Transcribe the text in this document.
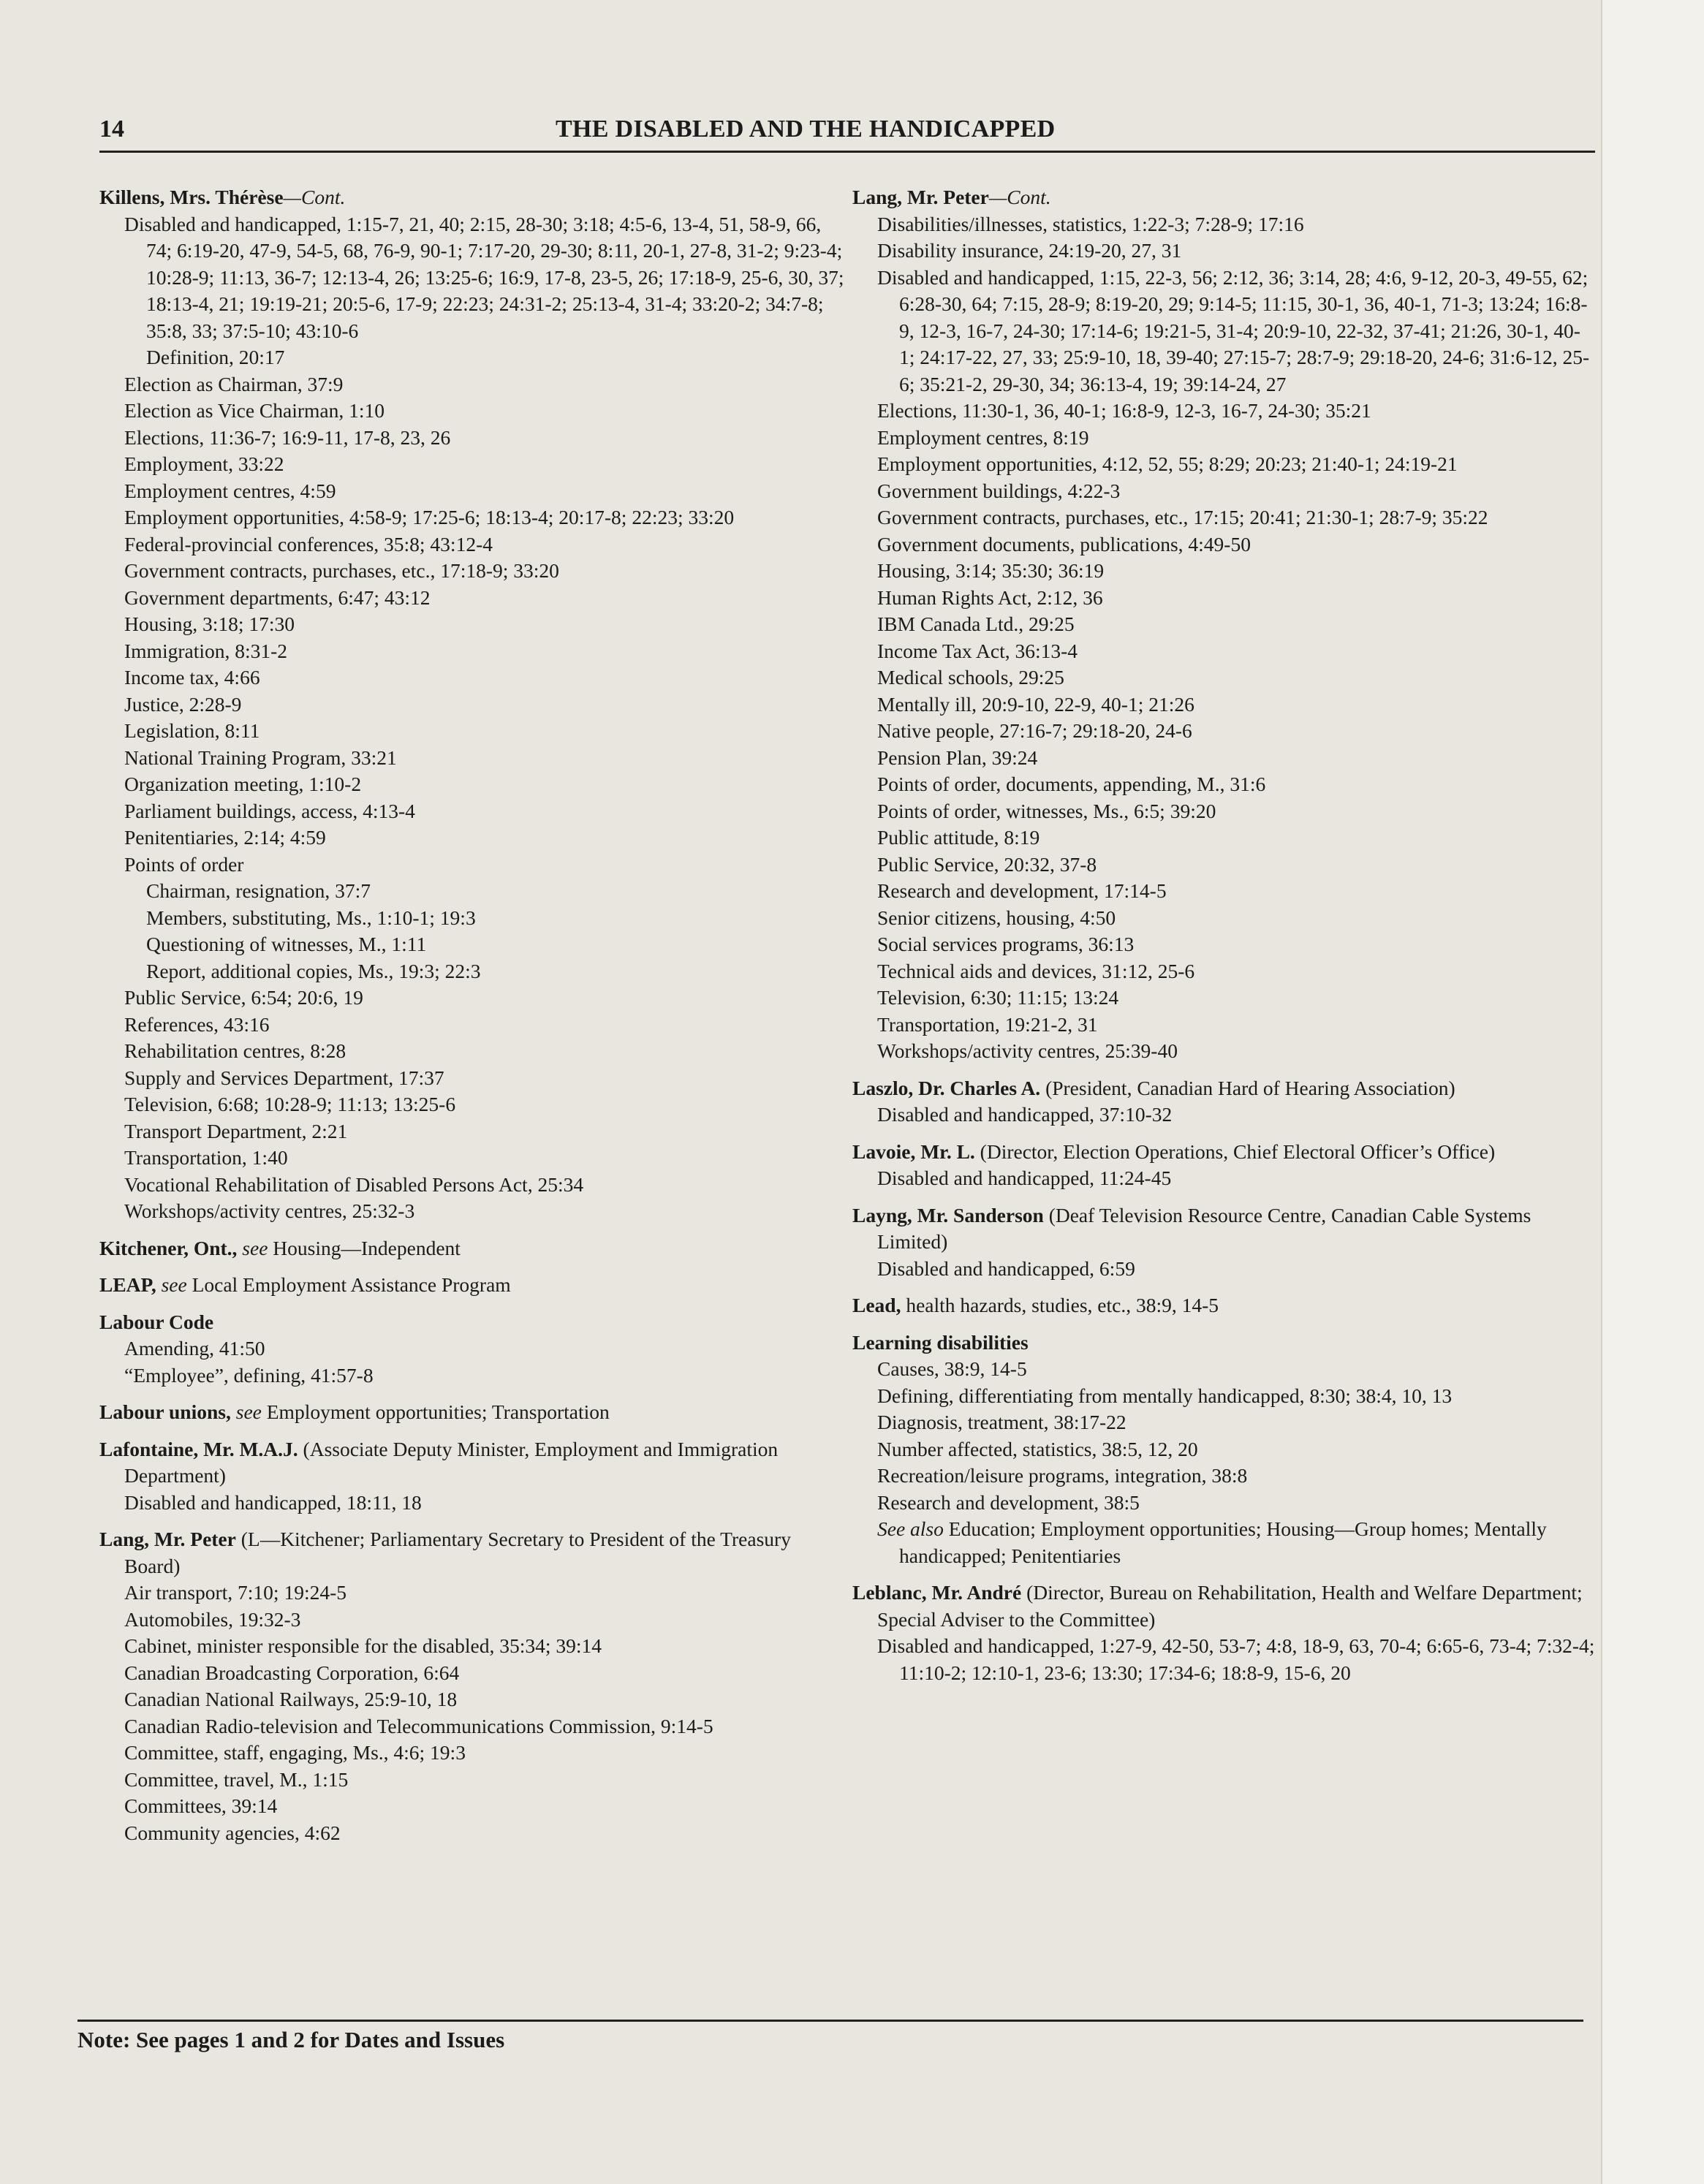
14	THE DISABLED AND THE HANDICAPPED
Killens, Mrs. Thérèse—Cont.
Disabled and handicapped, 1:15-7, 21, 40; 2:15, 28-30; 3:18; 4:5-6, 13-4, 51, 58-9, 66, 74; 6:19-20, 47-9, 54-5, 68, 76-9, 90-1; 7:17-20, 29-30; 8:11, 20-1, 27-8, 31-2; 9:23-4; 10:28-9; 11:13, 36-7; 12:13-4, 26; 13:25-6; 16:9, 17-8, 23-5, 26; 17:18-9, 25-6, 30, 37; 18:13-4, 21; 19:19-21; 20:5-6, 17-9; 22:23; 24:31-2; 25:13-4, 31-4; 33:20-2; 34:7-8; 35:8, 33; 37:5-10; 43:10-6
Definition, 20:17
Election as Chairman, 37:9
Election as Vice Chairman, 1:10
Elections, 11:36-7; 16:9-11, 17-8, 23, 26
Employment, 33:22
Employment centres, 4:59
Employment opportunities, 4:58-9; 17:25-6; 18:13-4; 20:17-8; 22:23; 33:20
Federal-provincial conferences, 35:8; 43:12-4
Government contracts, purchases, etc., 17:18-9; 33:20
Government departments, 6:47; 43:12
Housing, 3:18; 17:30
Immigration, 8:31-2
Income tax, 4:66
Justice, 2:28-9
Legislation, 8:11
National Training Program, 33:21
Organization meeting, 1:10-2
Parliament buildings, access, 4:13-4
Penitentiaries, 2:14; 4:59
Points of order
Chairman, resignation, 37:7
Members, substituting, Ms., 1:10-1; 19:3
Questioning of witnesses, M., 1:11
Report, additional copies, Ms., 19:3; 22:3
Public Service, 6:54; 20:6, 19
References, 43:16
Rehabilitation centres, 8:28
Supply and Services Department, 17:37
Television, 6:68; 10:28-9; 11:13; 13:25-6
Transport Department, 2:21
Transportation, 1:40
Vocational Rehabilitation of Disabled Persons Act, 25:34
Workshops/activity centres, 25:32-3
Kitchener, Ont., see Housing—Independent
LEAP, see Local Employment Assistance Program
Labour Code
Amending, 41:50
“Employee”, defining, 41:57-8
Labour unions, see Employment opportunities; Transportation
Lafontaine, Mr. M.A.J. (Associate Deputy Minister, Employment and Immigration Department)
Disabled and handicapped, 18:11, 18
Lang, Mr. Peter (L—Kitchener; Parliamentary Secretary to President of the Treasury Board)
Air transport, 7:10; 19:24-5
Automobiles, 19:32-3
Cabinet, minister responsible for the disabled, 35:34; 39:14
Canadian Broadcasting Corporation, 6:64
Canadian National Railways, 25:9-10, 18
Canadian Radio-television and Telecommunications Commission, 9:14-5
Committee, staff, engaging, Ms., 4:6; 19:3
Committee, travel, M., 1:15
Committees, 39:14
Community agencies, 4:62
Lang, Mr. Peter—Cont.
Disabilities/illnesses, statistics, 1:22-3; 7:28-9; 17:16
Disability insurance, 24:19-20, 27, 31
Disabled and handicapped, 1:15, 22-3, 56; 2:12, 36; 3:14, 28; 4:6, 9-12, 20-3, 49-55, 62; 6:28-30, 64; 7:15, 28-9; 8:19-20, 29; 9:14-5; 11:15, 30-1, 36, 40-1, 71-3; 13:24; 16:8-9, 12-3, 16-7, 24-30; 17:14-6; 19:21-5, 31-4; 20:9-10, 22-32, 37-41; 21:26, 30-1, 40-1; 24:17-22, 27, 33; 25:9-10, 18, 39-40; 27:15-7; 28:7-9; 29:18-20, 24-6; 31:6-12, 25-6; 35:21-2, 29-30, 34; 36:13-4, 19; 39:14-24, 27
Elections, 11:30-1, 36, 40-1; 16:8-9, 12-3, 16-7, 24-30; 35:21
Employment centres, 8:19
Employment opportunities, 4:12, 52, 55; 8:29; 20:23; 21:40-1; 24:19-21
Government buildings, 4:22-3
Government contracts, purchases, etc., 17:15; 20:41; 21:30-1; 28:7-9; 35:22
Government documents, publications, 4:49-50
Housing, 3:14; 35:30; 36:19
Human Rights Act, 2:12, 36
IBM Canada Ltd., 29:25
Income Tax Act, 36:13-4
Medical schools, 29:25
Mentally ill, 20:9-10, 22-9, 40-1; 21:26
Native people, 27:16-7; 29:18-20, 24-6
Pension Plan, 39:24
Points of order, documents, appending, M., 31:6
Points of order, witnesses, Ms., 6:5; 39:20
Public attitude, 8:19
Public Service, 20:32, 37-8
Research and development, 17:14-5
Senior citizens, housing, 4:50
Social services programs, 36:13
Technical aids and devices, 31:12, 25-6
Television, 6:30; 11:15; 13:24
Transportation, 19:21-2, 31
Workshops/activity centres, 25:39-40
Laszlo, Dr. Charles A. (President, Canadian Hard of Hearing Association)
Disabled and handicapped, 37:10-32
Lavoie, Mr. L. (Director, Election Operations, Chief Electoral Officer’s Office)
Disabled and handicapped, 11:24-45
Layng, Mr. Sanderson (Deaf Television Resource Centre, Canadian Cable Systems Limited)
Disabled and handicapped, 6:59
Lead, health hazards, studies, etc., 38:9, 14-5
Learning disabilities
Causes, 38:9, 14-5
Defining, differentiating from mentally handicapped, 8:30; 38:4, 10, 13
Diagnosis, treatment, 38:17-22
Number affected, statistics, 38:5, 12, 20
Recreation/leisure programs, integration, 38:8
Research and development, 38:5
See also Education; Employment opportunities; Housing—Group homes; Mentally handicapped; Penitentiaries
Leblanc, Mr. André (Director, Bureau on Rehabilitation, Health and Welfare Department; Special Adviser to the Committee)
Disabled and handicapped, 1:27-9, 42-50, 53-7; 4:8, 18-9, 63, 70-4; 6:65-6, 73-4; 7:32-4; 11:10-2; 12:10-1, 23-6; 13:30; 17:34-6; 18:8-9, 15-6, 20
Note: See pages 1 and 2 for Dates and Issues
